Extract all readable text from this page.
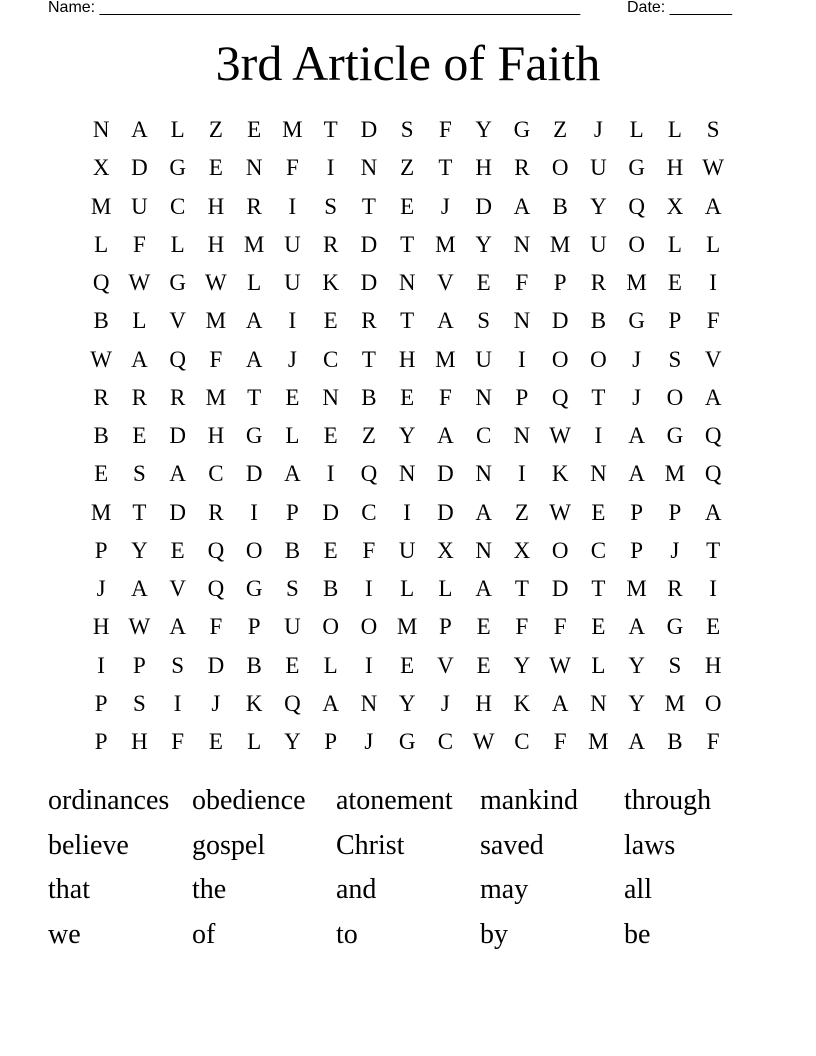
Name: ______________________________________________________	Date: _______
3rd Article of Faith
N A L	Z	E M T D	S	F	Y G Z	J	L	L	S
X D G E N	F	I	N Z	T H R O U G H W
M U C H R	I	S	T	E	J	D A B Y Q X A
L	F	L H M U R D T M Y N M U O L	L
Q W G W L U K D N V E	F	P	R M E	I
B	L V M A	I	E	R	T A	S	N D B G	P	F
W A Q	F	A	J	C	T H M U	I	O O	J	S	V
R R R M T	E N B	E	F	N	P	Q T	J	O A
B	E D H G L	E	Z Y A C N W	I	A G Q
E	S	A C D A	I	Q N D N	I	K N A M Q
M T D R	I	P	D C	I	D A Z W E	P	P	A
P	Y E Q O B	E	F	U X N X O C	P	J	T
J	A V Q G	S	B	I	L	L A T D T M R	I
H W A	F	P	U O O M P	E	F	F	E A G E
I	P	S	D B	E	L	I	E V E Y W L Y	S	H
P	S	I	J	K Q A N Y	J	H K A N Y M O
P	H	F	E	L Y	P	J	G C W C	F M A B	F
ordinances obedience	atonement mankind	through
believe	gospel	Christ	saved	laws
that	the	and	may	all
we	of	to	by	be
